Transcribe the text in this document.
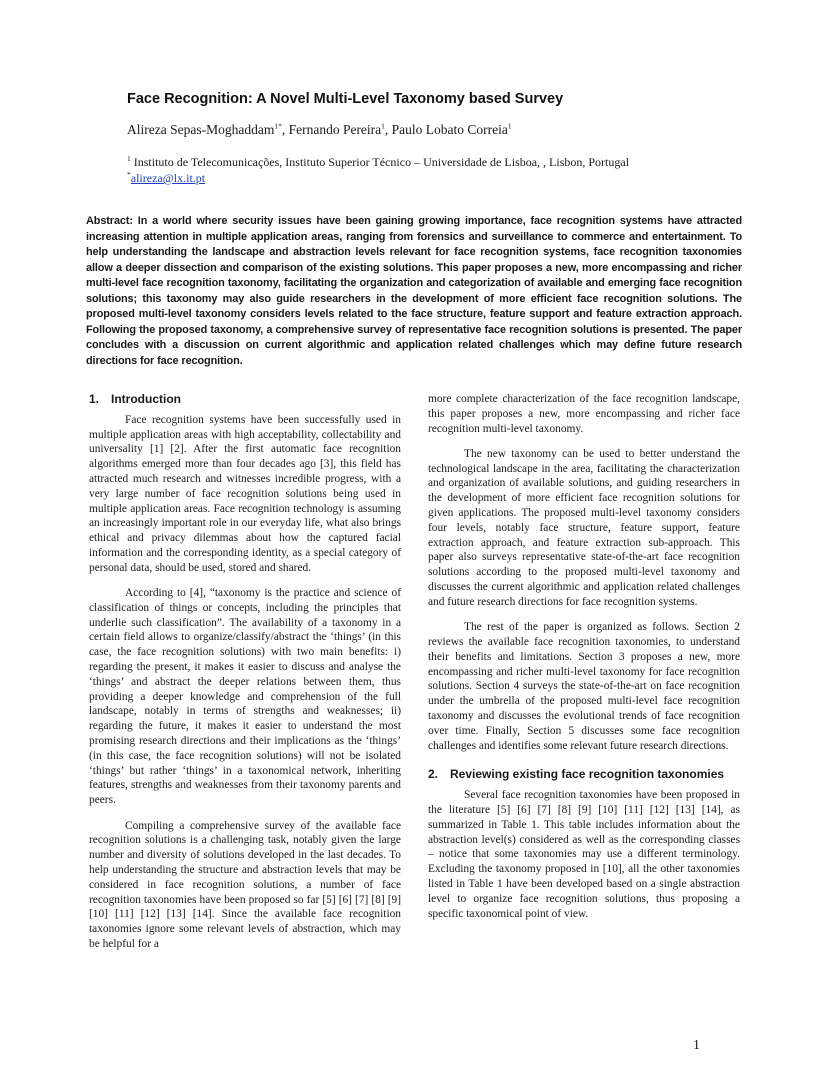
Face Recognition: A Novel Multi-Level Taxonomy based Survey
Alireza Sepas-Moghaddam$^{1*}$, Fernando Pereira$^1$, Paulo Lobato Correia$^1$
$^1$ Instituto de Telecomunicações, Instituto Superior Técnico – Universidade de Lisboa, , Lisbon, Portugal
*alireza@lx.it.pt
Abstract: In a world where security issues have been gaining growing importance, face recognition systems have attracted increasing attention in multiple application areas, ranging from forensics and surveillance to commerce and entertainment. To help understanding the landscape and abstraction levels relevant for face recognition systems, face recognition taxonomies allow a deeper dissection and comparison of the existing solutions. This paper proposes a new, more encompassing and richer multi-level face recognition taxonomy, facilitating the organization and categorization of available and emerging face recognition solutions; this taxonomy may also guide researchers in the development of more efficient face recognition solutions. The proposed multi-level taxonomy considers levels related to the face structure, feature support and feature extraction approach. Following the proposed taxonomy, a comprehensive survey of representative face recognition solutions is presented. The paper concludes with a discussion on current algorithmic and application related challenges which may define future research directions for face recognition.
1. Introduction

Face recognition systems have been successfully used in multiple application areas with high acceptability, collectability and universality [1] [2]. After the first automatic face recognition algorithms emerged more than four decades ago [3], this field has attracted much research and witnesses incredible progress, with a very large number of face recognition solutions being used in multiple application areas. Face recognition technology is assuming an increasingly important role in our everyday life, what also brings ethical and privacy dilemmas about how the captured facial information and the corresponding identity, as a special category of personal data, should be used, stored and shared.

According to [4], “taxonomy is the practice and science of classification of things or concepts, including the principles that underlie such classification”. The availability of a taxonomy in a certain field allows to organize/classify/abstract the ‘things’ (in this case, the face recognition solutions) with two main benefits: i) regarding the present, it makes it easier to discuss and analyse the ‘things’ and abstract the deeper relations between them, thus providing a deeper knowledge and comprehension of the full landscape, notably in terms of strengths and weaknesses; ii) regarding the future, it makes it easier to understand the most promising research directions and their implications as the ‘things’ (in this case, the face recognition solutions) will not be isolated ‘things’ but rather ‘things’ in a taxonomical network, inheriting features, strengths and weaknesses from their taxonomy parents and peers.

Compiling a comprehensive survey of the available face recognition solutions is a challenging task, notably given the large number and diversity of solutions developed in the last decades. To help understanding the structure and abstraction levels that may be considered in face recognition solutions, a number of face recognition taxonomies have been proposed so far [5] [6] [7] [8] [9] [10] [11] [12] [13] [14]. Since the available face recognition taxonomies ignore some relevant levels of abstraction, which may be helpful for a

more complete characterization of the face recognition landscape, this paper proposes a new, more encompassing and richer face recognition multi-level taxonomy.

The new taxonomy can be used to better understand the technological landscape in the area, facilitating the characterization and organization of available solutions, and guiding researchers in the development of more efficient face recognition solutions for given applications. The proposed multi-level taxonomy considers four levels, notably face structure, feature support, feature extraction approach, and feature extraction sub-approach. This paper also surveys representative state-of-the-art face recognition solutions according to the proposed multi-level taxonomy and discusses the current algorithmic and application related challenges and future research directions for face recognition systems.

The rest of the paper is organized as follows. Section 2 reviews the available face recognition taxonomies, to understand their benefits and limitations. Section 3 proposes a new, more encompassing and richer multi-level taxonomy for face recognition solutions. Section 4 surveys the state-of-the-art on face recognition under the umbrella of the proposed multi-level face recognition taxonomy and discusses the evolutional trends of face recognition over time. Finally, Section 5 discusses some face recognition challenges and identifies some relevant future research directions.

2. Reviewing existing face recognition taxonomies

Several face recognition taxonomies have been proposed in the literature [5] [6] [7] [8] [9] [10] [11] [12] [13] [14], as summarized in Table 1. This table includes information about the abstraction level(s) considered as well as the corresponding classes – notice that some taxonomies may use a different terminology. Excluding the taxonomy proposed in [10], all the other taxonomies listed in Table 1 have been developed based on a single abstraction level to organize face recognition solutions, thus proposing a specific taxonomical point of view.

1
